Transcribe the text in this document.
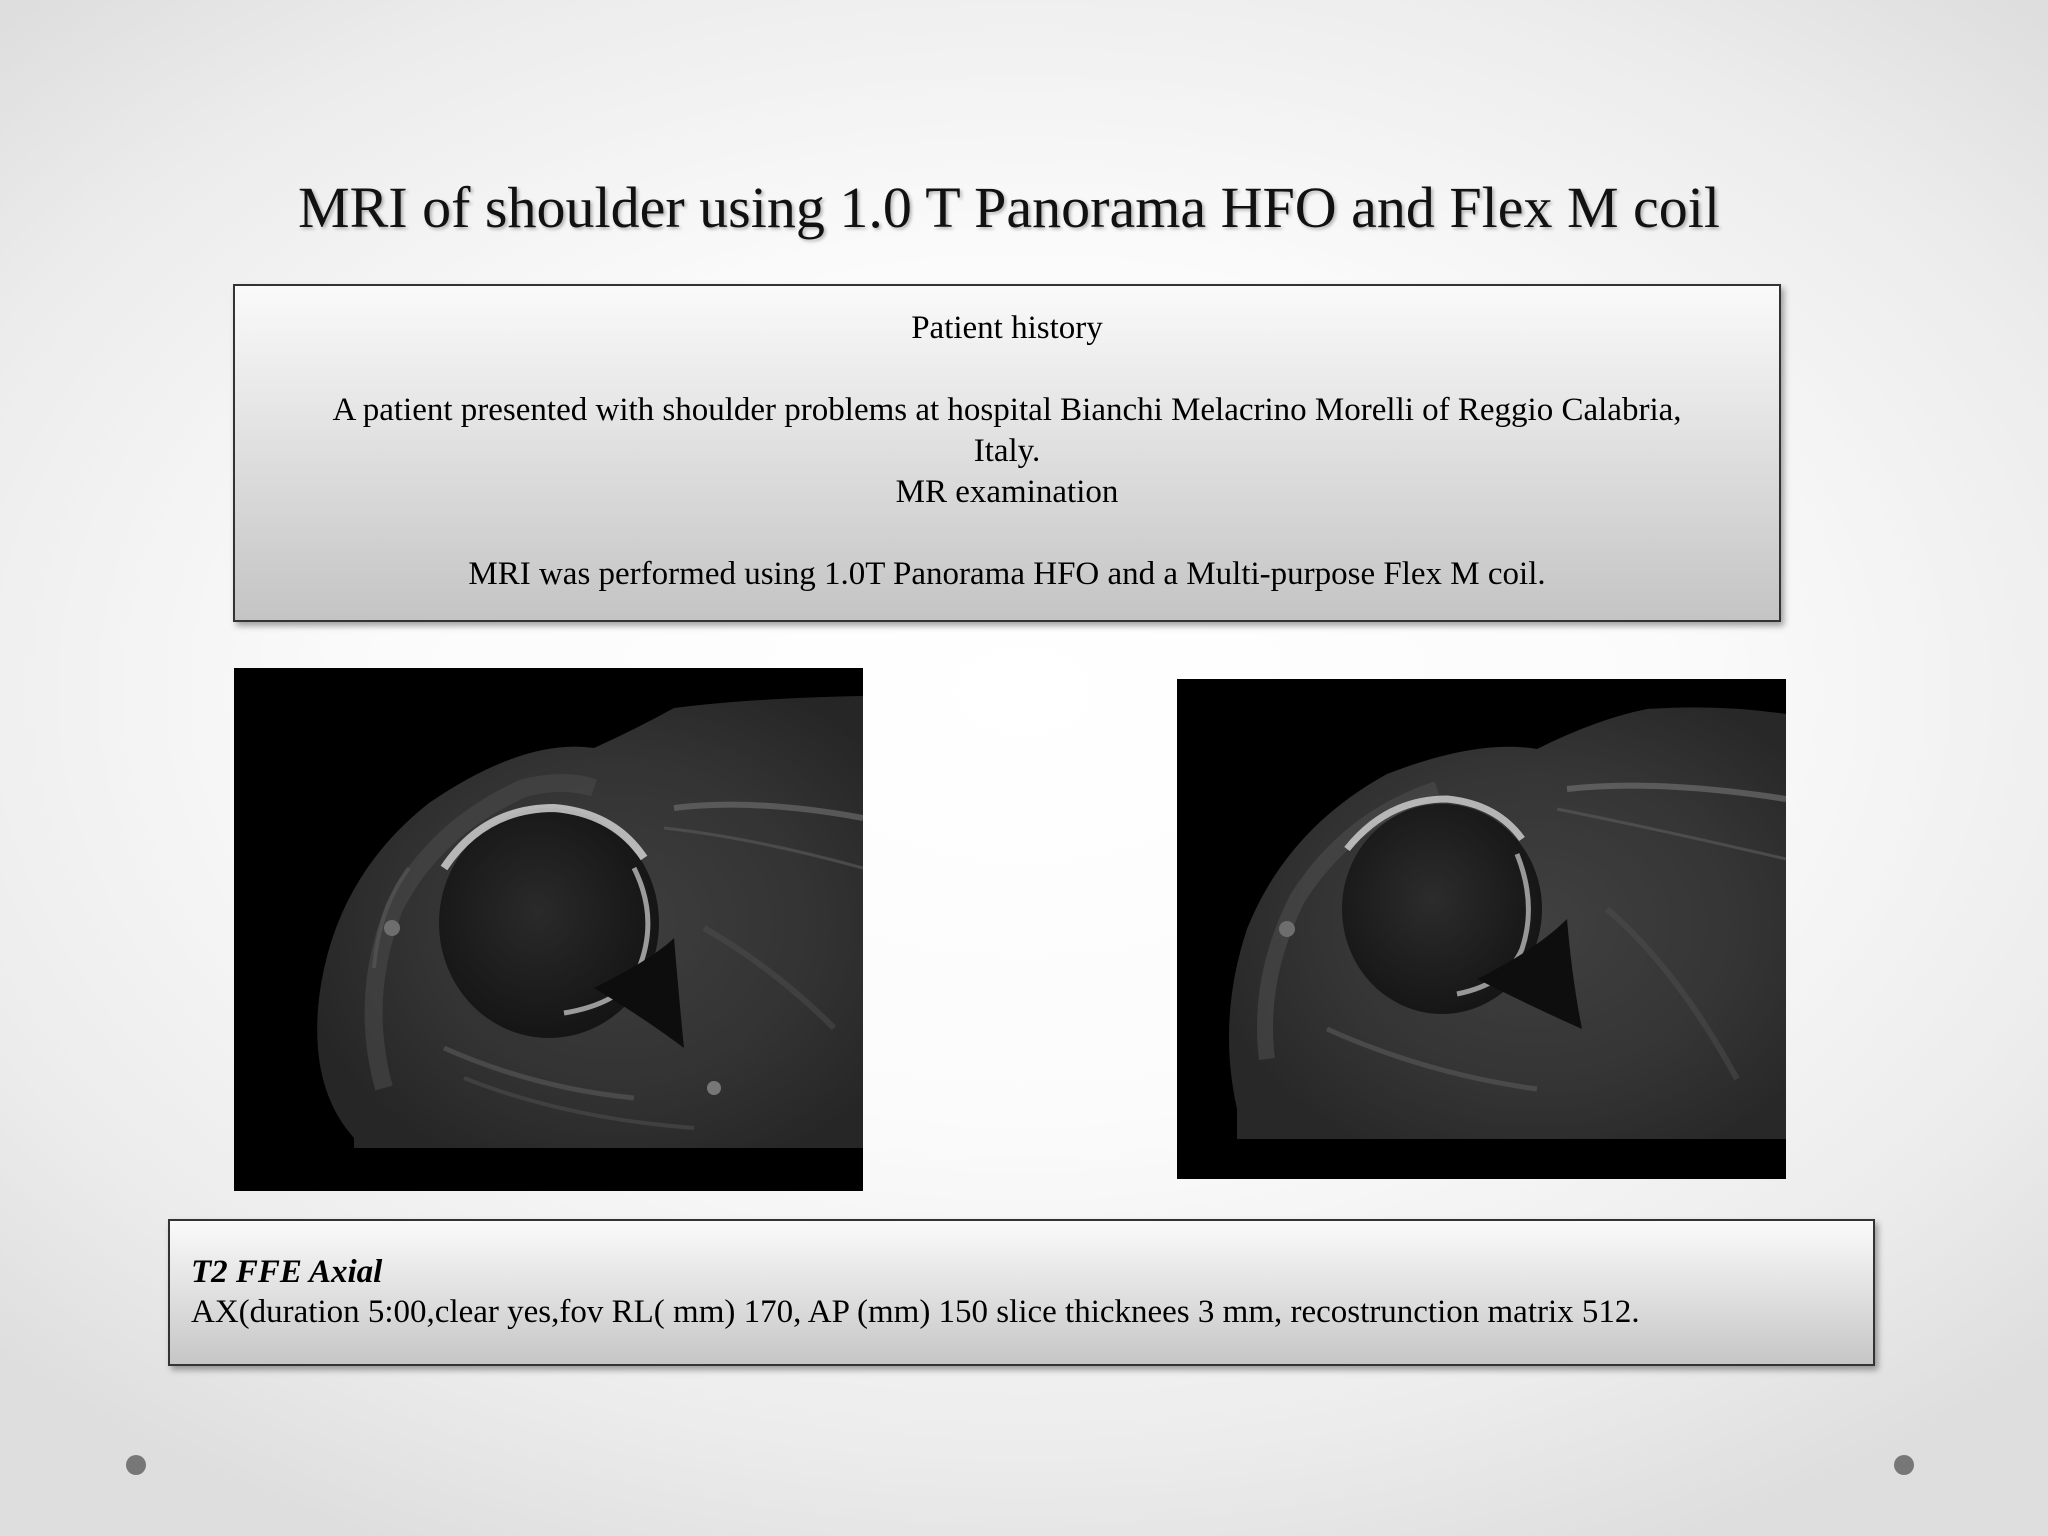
MRI of shoulder using 1.0 T Panorama HFO and Flex M coil

Patient history

A patient presented with shoulder problems at hospital Bianchi Melacrino Morelli of Reggio Calabria, Italy.

MR examination

MRI was performed using 1.0T Panorama HFO and a Multi-purpose Flex M coil.

T2 FFE Axial

AX(duration 5:00,clear yes,fov RL( mm) 170, AP (mm) 150 slice thicknees 3 mm, recostrunction matrix 512.
